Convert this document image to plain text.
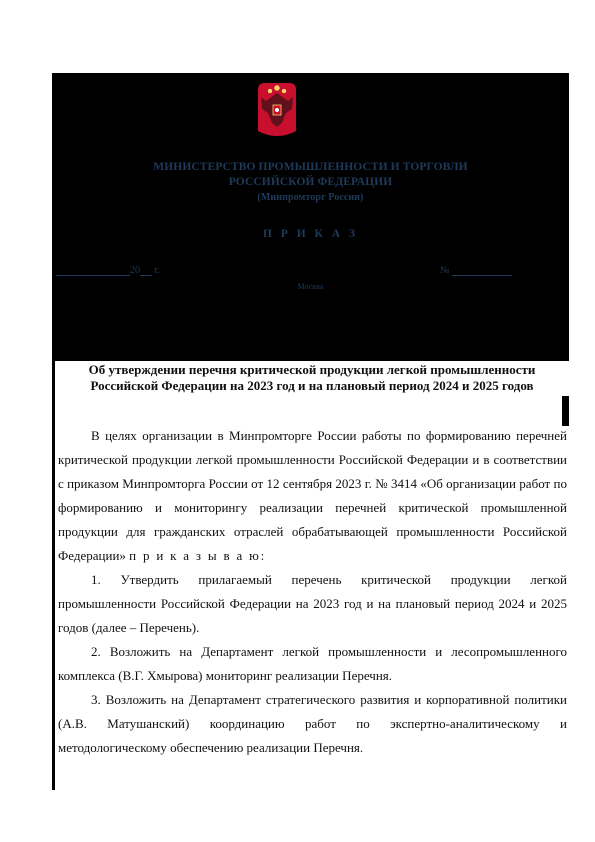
МИНИСТЕРСТВО ПРОМЫШЛЕННОСТИ И ТОРГОВЛИ
РОССИЙСКОЙ ФЕДЕРАЦИИ
(Минпромторг России)
П Р И К А З
20 г.	№
Москва
Об утверждении перечня критической продукции легкой промышленности
Российской Федерации на 2023 год и на плановый период 2024 и 2025 годов

В целях организации в Минпромторге России работы по формированию перечней критической продукции легкой промышленности Российской Федерации и в соответствии с приказом Минпромторга России от 12 сентября 2023 г. № 3414 «Об организации работ по формированию и мониторингу реализации перечней критической промышленной продукции для гражданских отраслей обрабатывающей промышленности Российской Федерации» п р и к а з ы в а ю:

1. Утвердить прилагаемый перечень критической продукции легкой промышленности Российской Федерации на 2023 год и на плановый период 2024 и 2025 годов (далее – Перечень).

2. Возложить на Департамент легкой промышленности и лесопромышленного комплекса (В.Г. Хмырова) мониторинг реализации Перечня.

3. Возложить на Департамент стратегического развития и корпоративной политики (А.В. Матушанский) координацию работ по экспертно-аналитическому и методологическому обеспечению реализации Перечня.
